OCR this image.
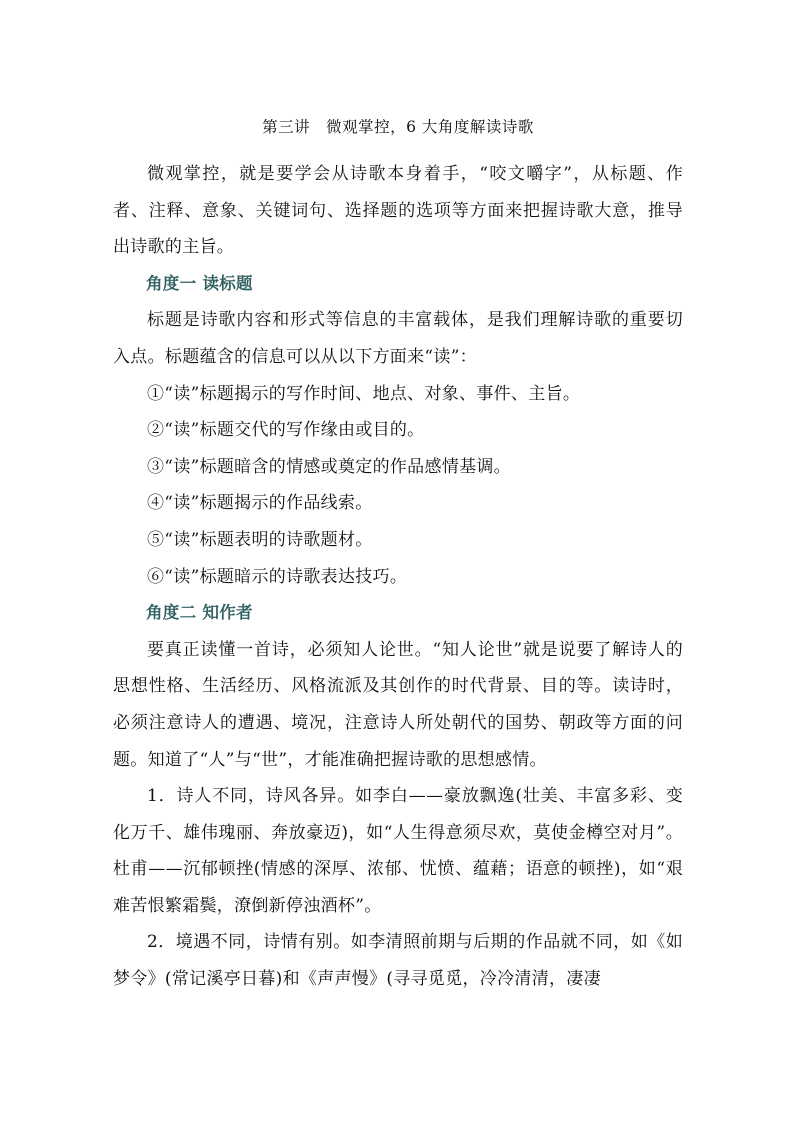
第三讲　微观掌控，6 大角度解读诗歌

微观掌控，就是要学会从诗歌本身着手，“咬文嚼字”，从标题、作者、注释、意象、关键词句、选择题的选项等方面来把握诗歌大意，推导出诗歌的主旨。

角度一 读标题

标题是诗歌内容和形式等信息的丰富载体，是我们理解诗歌的重要切入点。标题蕴含的信息可以从以下方面来“读”：

①“读”标题揭示的写作时间、地点、对象、事件、主旨。

②“读”标题交代的写作缘由或目的。

③“读”标题暗含的情感或奠定的作品感情基调。

④“读”标题揭示的作品线索。

⑤“读”标题表明的诗歌题材。

⑥“读”标题暗示的诗歌表达技巧。

角度二 知作者

要真正读懂一首诗，必须知人论世。“知人论世”就是说要了解诗人的思想性格、生活经历、风格流派及其创作的时代背景、目的等。读诗时，必须注意诗人的遭遇、境况，注意诗人所处朝代的国势、朝政等方面的问题。知道了“人”与“世”，才能准确把握诗歌的思想感情。

1．诗人不同，诗风各异。如李白——豪放飘逸(壮美、丰富多彩、变化万千、雄伟瑰丽、奔放豪迈)，如“人生得意须尽欢，莫使金樽空对月”。杜甫——沉郁顿挫(情感的深厚、浓郁、忧愤、蕴藉；语意的顿挫)，如“艰难苦恨繁霜鬓，潦倒新停浊酒杯”。

2．境遇不同，诗情有别。如李清照前期与后期的作品就不同，如《如梦令》(常记溪亭日暮)和《声声慢》(寻寻觅觅，冷冷清清，凄凄
